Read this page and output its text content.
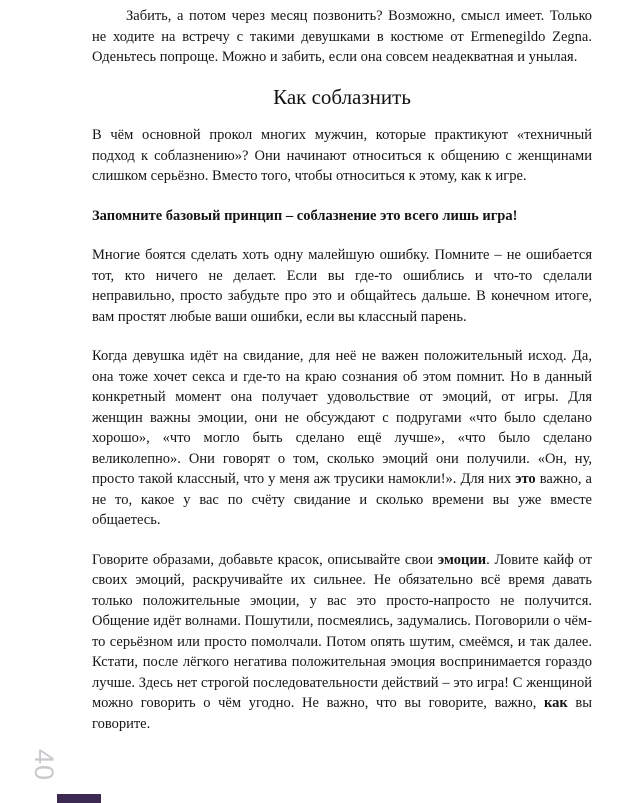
Забить, а потом через месяц позвонить? Возможно, смысл имеет. Только не ходите на встречу с такими девушками в костюме от Ermenegildo Zegna. Оденьтесь попроще. Можно и забить, если она совсем неадекватная и унылая.

Как соблазнить

В чём основной прокол многих мужчин, которые практикуют «техничный подход к соблазнению»? Они начинают относиться к общению с женщинами слишком серьёзно. Вместо того, чтобы относиться к этому, как к игре.

Запомните базовый принцип – соблазнение это всего лишь игра!

Многие боятся сделать хоть одну малейшую ошибку. Помните – не ошибается тот, кто ничего не делает. Если вы где-то ошиблись и что-то сделали неправильно, просто забудьте про это и общайтесь дальше. В конечном итоге, вам простят любые ваши ошибки, если вы классный парень.

Когда девушка идёт на свидание, для неё не важен положительный исход. Да, она тоже хочет секса и где-то на краю сознания об этом помнит. Но в данный конкретный момент она получает удовольствие от эмоций, от игры. Для женщин важны эмоции, они не обсуждают с подругами «что было сделано хорошо», «что могло быть сделано ещё лучше», «что было сделано великолепно». Они говорят о том, сколько эмоций они получили. «Он, ну, просто такой классный, что у меня аж трусики намокли!». Для них это важно, а не то, какое у вас по счёту свидание и сколько времени вы уже вместе общаетесь.

Говорите образами, добавьте красок, описывайте свои эмоции. Ловите кайф от своих эмоций, раскручивайте их сильнее. Не обязательно всё время давать только положительные эмоции, у вас это просто-напросто не получится. Общение идёт волнами. Пошутили, посмеялись, задумались. Поговорили о чём-то серьёзном или просто помолчали. Потом опять шутим, смеёмся, и так далее. Кстати, после лёгкого негатива положительная эмоция воспринимается гораздо лучше. Здесь нет строгой последовательности действий – это игра! С женщиной можно говорить о чём угодно. Не важно, что вы говорите, важно, как вы говорите.

40
